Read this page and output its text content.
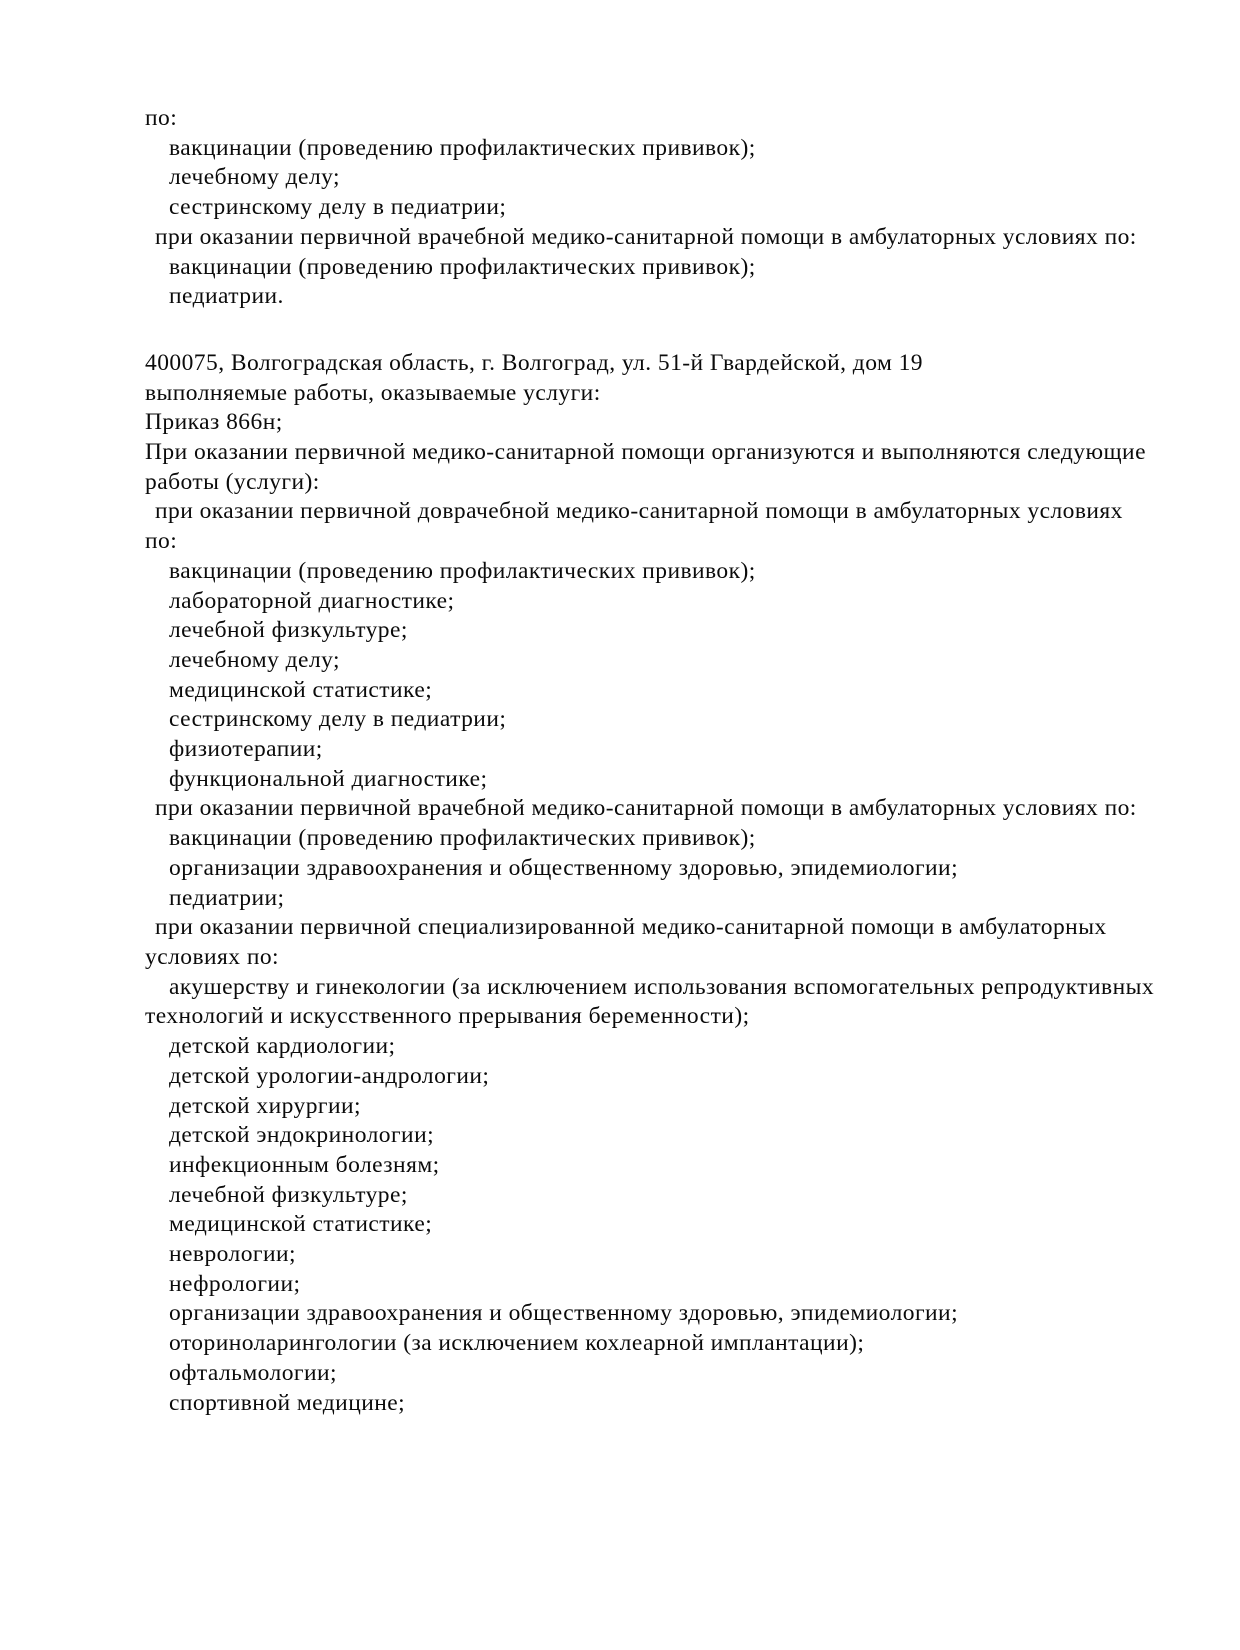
по:
вакцинации (проведению профилактических прививок);
лечебному делу;
сестринскому делу в педиатрии;
при оказании первичной врачебной медико-санитарной помощи в амбулаторных условиях по:
вакцинации (проведению профилактических прививок);
педиатрии.
400075, Волгоградская область, г. Волгоград, ул. 51-й Гвардейской, дом 19
выполняемые работы, оказываемые услуги:
Приказ 866н;
При оказании первичной медико-санитарной помощи организуются и выполняются следующие
работы (услуги):
при оказании первичной доврачебной медико-санитарной помощи в амбулаторных условиях
по:
вакцинации (проведению профилактических прививок);
лабораторной диагностике;
лечебной физкультуре;
лечебному делу;
медицинской статистике;
сестринскому делу в педиатрии;
физиотерапии;
функциональной диагностике;
при оказании первичной врачебной медико-санитарной помощи в амбулаторных условиях по:
вакцинации (проведению профилактических прививок);
организации здравоохранения и общественному здоровью, эпидемиологии;
педиатрии;
при оказании первичной специализированной медико-санитарной помощи в амбулаторных
условиях по:
акушерству и гинекологии (за исключением использования вспомогательных репродуктивных
технологий и искусственного прерывания беременности);
детской кардиологии;
детской урологии-андрологии;
детской хирургии;
детской эндокринологии;
инфекционным болезням;
лечебной физкультуре;
медицинской статистике;
неврологии;
нефрологии;
организации здравоохранения и общественному здоровью, эпидемиологии;
оториноларингологии (за исключением кохлеарной имплантации);
офтальмологии;
спортивной медицине;
